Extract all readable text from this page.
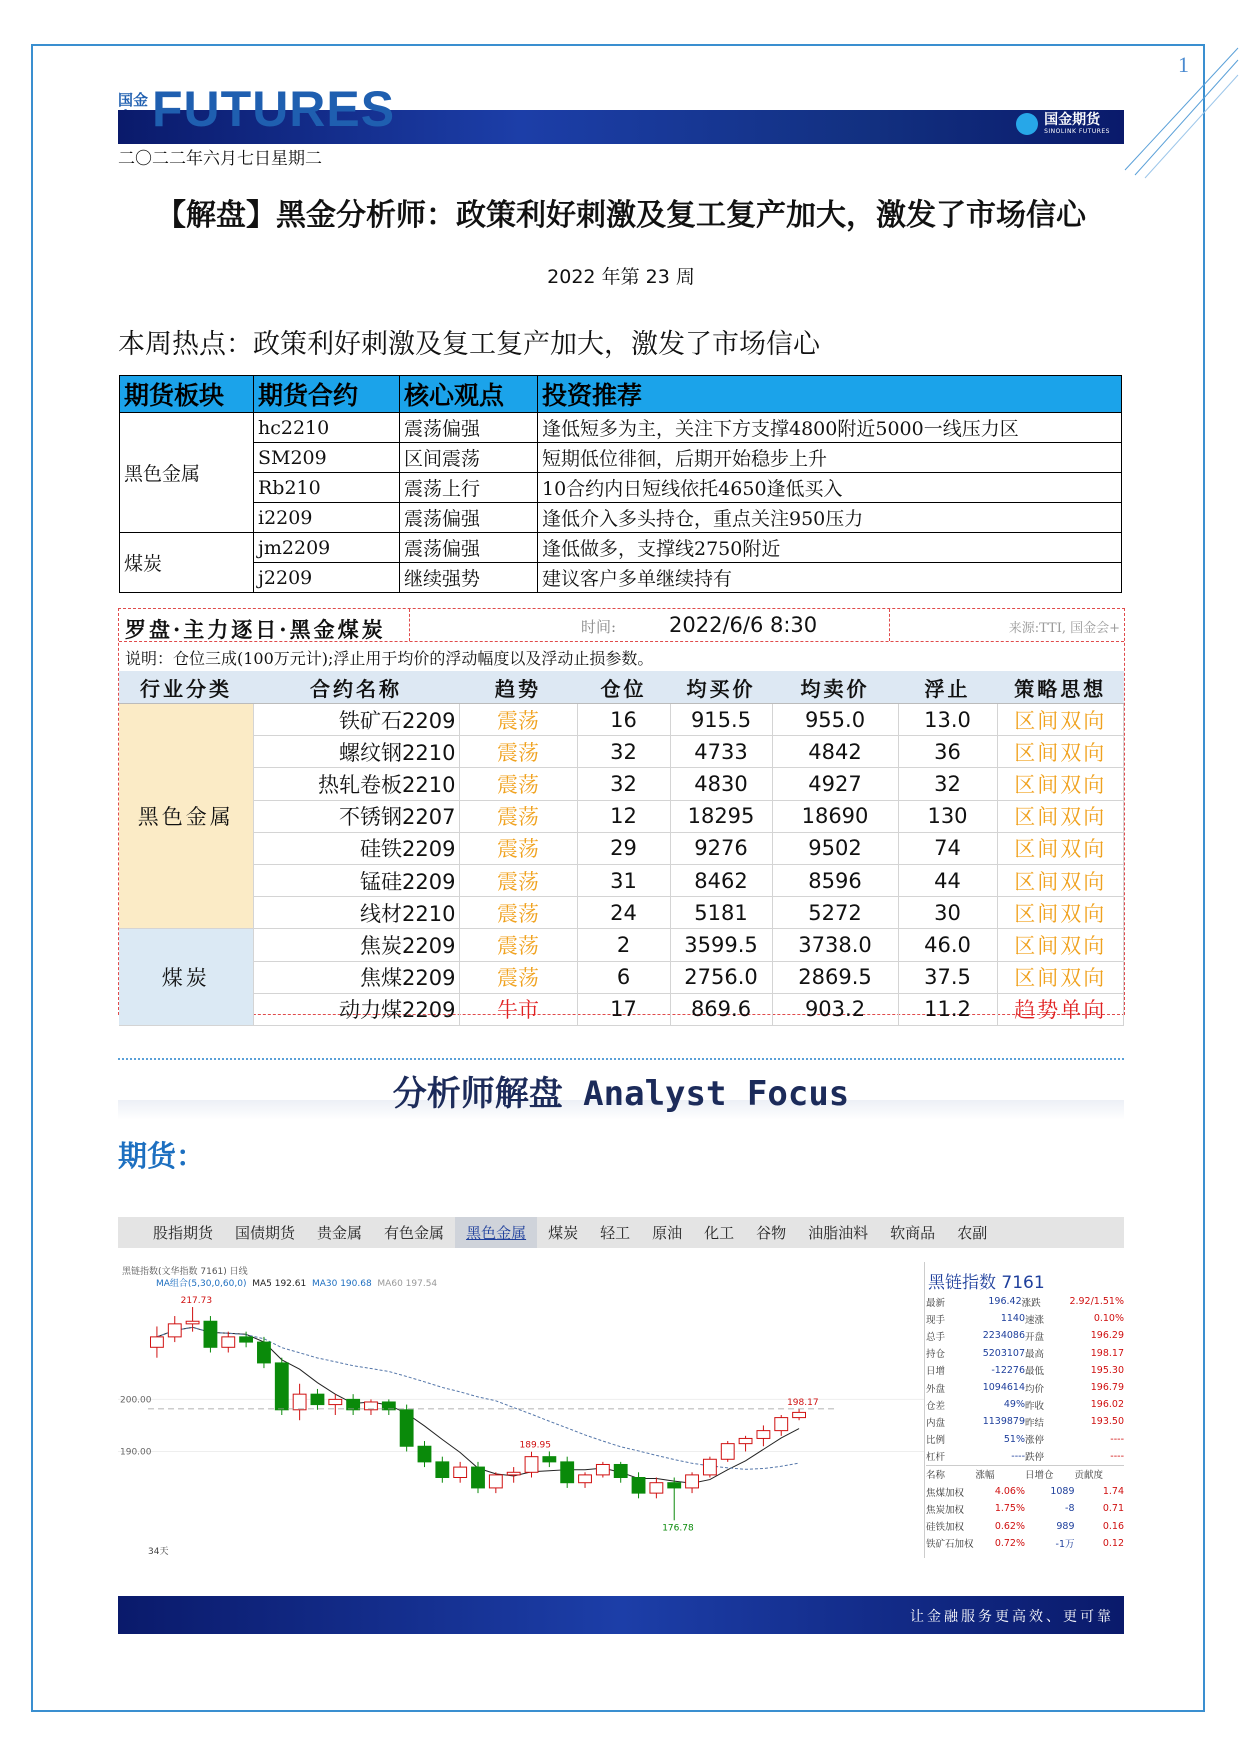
1
国金
国金期货
SINOLINK FUTURES
FUTURES
二〇二二年六月七日星期二
【解盘】黑金分析师：政策利好刺激及复工复产加大，激发了市场信心
2022 年第 23 周
本周热点：政策利好刺激及复工复产加大，激发了市场信心
期货板块	期货合约	核心观点	投资推荐
黑色金属	hc2210	震荡偏强	逢低短多为主，关注下方支撑4800附近5000一线压力区
	SM209	区间震荡	短期低位徘徊，后期开始稳步上升
	Rb210	震荡上行	10合约内日短线依托4650逢低买入
	i2209	震荡偏强	逢低介入多头持仓，重点关注950压力
煤炭	jm2209	震荡偏强	逢低做多，支撑线2750附近
	j2209	继续强势	建议客户多单继续持有
罗盘·主力逐日·黑金煤炭	时间:	2022/6/6 8:30	来源:TTI, 国金会+
说明：仓位三成(100万元计);浮止用于均价的浮动幅度以及浮动止损参数。
行业分类	合约名称	趋势	仓位	均买价	均卖价	浮止	策略思想
黑色金属	铁矿石2209	震荡	16	915.5	955.0	13.0	区间双向
	螺纹钢2210	震荡	32	4733	4842	36	区间双向
	热轧卷板2210	震荡	32	4830	4927	32	区间双向
	不锈钢2207	震荡	12	18295	18690	130	区间双向
	硅铁2209	震荡	29	9276	9502	74	区间双向
	锰硅2209	震荡	31	8462	8596	44	区间双向
	线材2210	震荡	24	5181	5272	30	区间双向
煤炭	焦炭2209	震荡	2	3599.5	3738.0	46.0	区间双向
	焦煤2209	震荡	6	2756.0	2869.5	37.5	区间双向
	动力煤2209	牛市	17	869.6	903.2	11.2	趋势单向
分析师解盘 Analyst Focus
期货：
股指期货	国债期货	贵金属	有色金属	黑色金属	煤炭	轻工	原油	化工	谷物	油脂油料	软商品	农副
黑链指数(文华指数 7161) 日线
MA组合(5,30,0,60,0) MA5 192.61 MA30 190.68 MA60 197.54
200.00
190.00
217.73
189.95
176.78
198.17
34天
黑链指数 7161
最新	196.42 涨跌	2.92/1.51%
现手	1140 速涨	0.10%
总手	2234086 开盘	196.29
持仓	5203107 最高	198.17
日增	-12276 最低	195.30
外盘	1094614 均价	196.79
仓差	49% 昨收	196.02
内盘	1139879 昨结	193.50
比例	51% 涨停	----
杠杆	---- 跌停	----
名称	涨幅	日增仓	贡献度
焦煤加权	4.06%	1089	1.74
焦炭加权	1.75%	-8	0.71
硅铁加权	0.62%	989	0.16
铁矿石加权	0.72%	-1万	0.12
让金融服务更高效、更可靠
